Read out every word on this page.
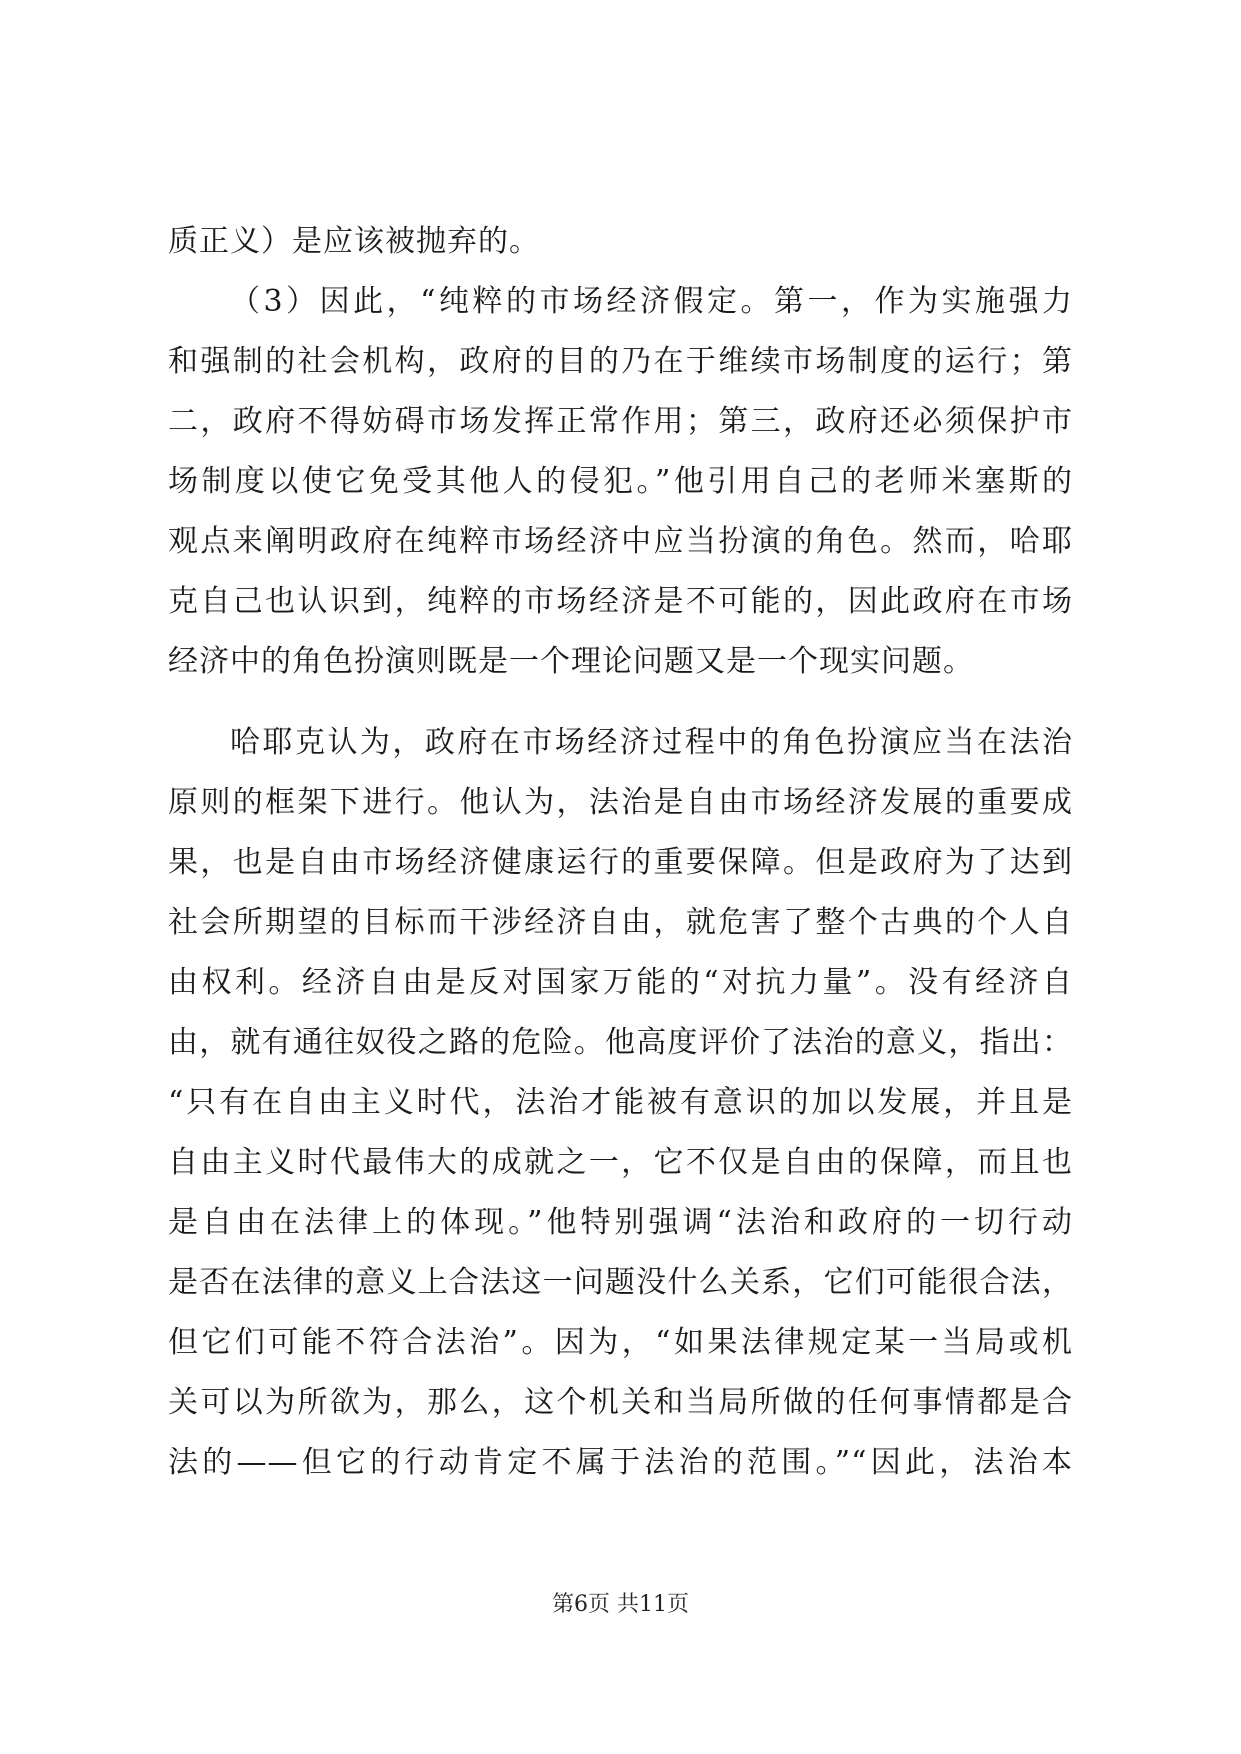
质正义）是应该被抛弃的。
（3）因此，“纯粹的市场经济假定。第一，作为实施强力
和强制的社会机构，政府的目的乃在于维续市场制度的运行；第
二，政府不得妨碍市场发挥正常作用；第三，政府还必须保护市
场制度以使它免受其他人的侵犯。”他引用自己的老师米塞斯的
观点来阐明政府在纯粹市场经济中应当扮演的角色。然而，哈耶
克自己也认识到，纯粹的市场经济是不可能的，因此政府在市场
经济中的角色扮演则既是一个理论问题又是一个现实问题。
哈耶克认为，政府在市场经济过程中的角色扮演应当在法治
原则的框架下进行。他认为，法治是自由市场经济发展的重要成
果，也是自由市场经济健康运行的重要保障。但是政府为了达到
社会所期望的目标而干涉经济自由，就危害了整个古典的个人自
由权利。经济自由是反对国家万能的“对抗力量”。没有经济自
由，就有通往奴役之路的危险。他高度评价了法治的意义，指出：
“只有在自由主义时代，法治才能被有意识的加以发展，并且是
自由主义时代最伟大的成就之一，它不仅是自由的保障，而且也
是自由在法律上的体现。”他特别强调“法治和政府的一切行动
是否在法律的意义上合法这一问题没什么关系，它们可能很合法，
但它们可能不符合法治”。因为，“如果法律规定某一当局或机
关可以为所欲为，那么，这个机关和当局所做的任何事情都是合
法的——但它的行动肯定不属于法治的范围。”“因此，法治本
第6页 共11页
